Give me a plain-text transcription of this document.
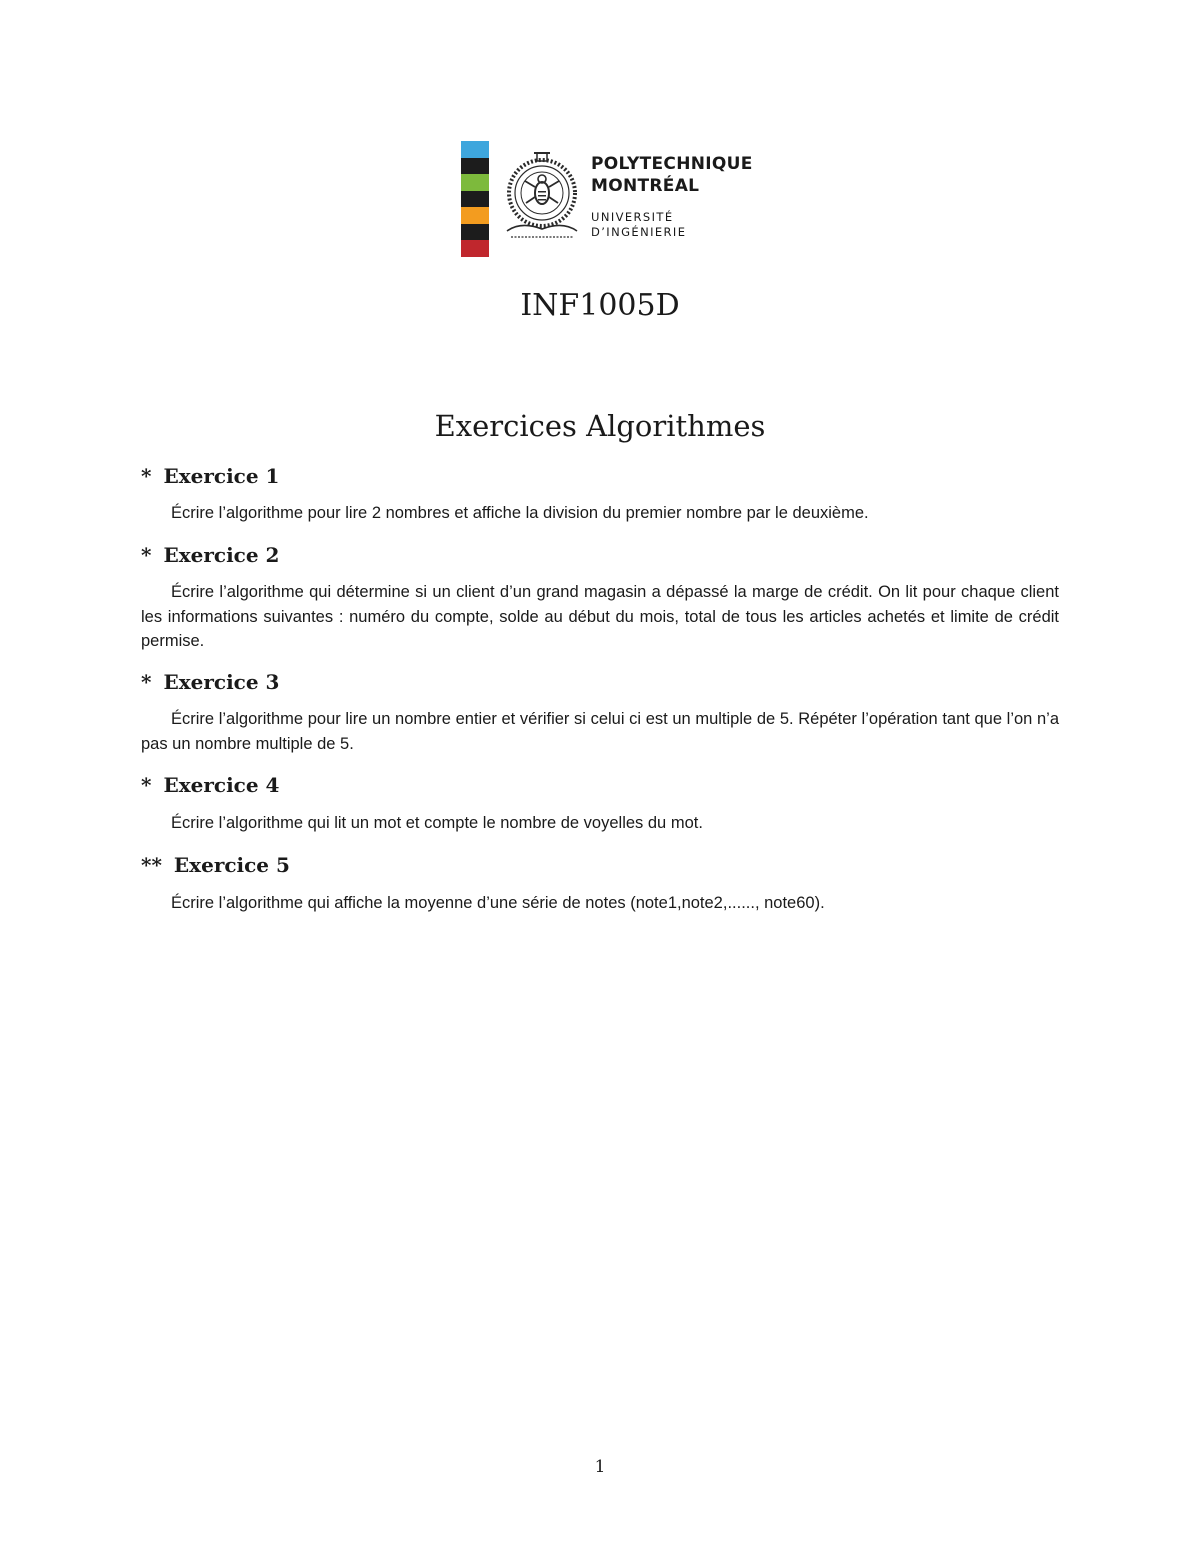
POLYTECHNIQUE
MONTRÉAL
UNIVERSITÉ
D’INGÉNIERIE
INF1005D
Exercices Algorithmes
* Exercice 1
Écrire l’algorithme pour lire 2 nombres et affiche la division du premier nombre par le deuxième.
* Exercice 2
Écrire l’algorithme qui détermine si un client d’un grand magasin a dépassé la marge de crédit. On lit pour chaque client les informations suivantes : numéro du compte, solde au début du mois, total de tous les articles achetés et limite de crédit permise.
* Exercice 3
Écrire l’algorithme pour lire un nombre entier et vérifier si celui ci est un multiple de 5. Répéter l’opération tant que l’on n’a pas un nombre multiple de 5.
* Exercice 4
Écrire l’algorithme qui lit un mot et compte le nombre de voyelles du mot.
** Exercice 5
Écrire l’algorithme qui affiche la moyenne d’une série de notes (note1,note2,......, note60).
1
